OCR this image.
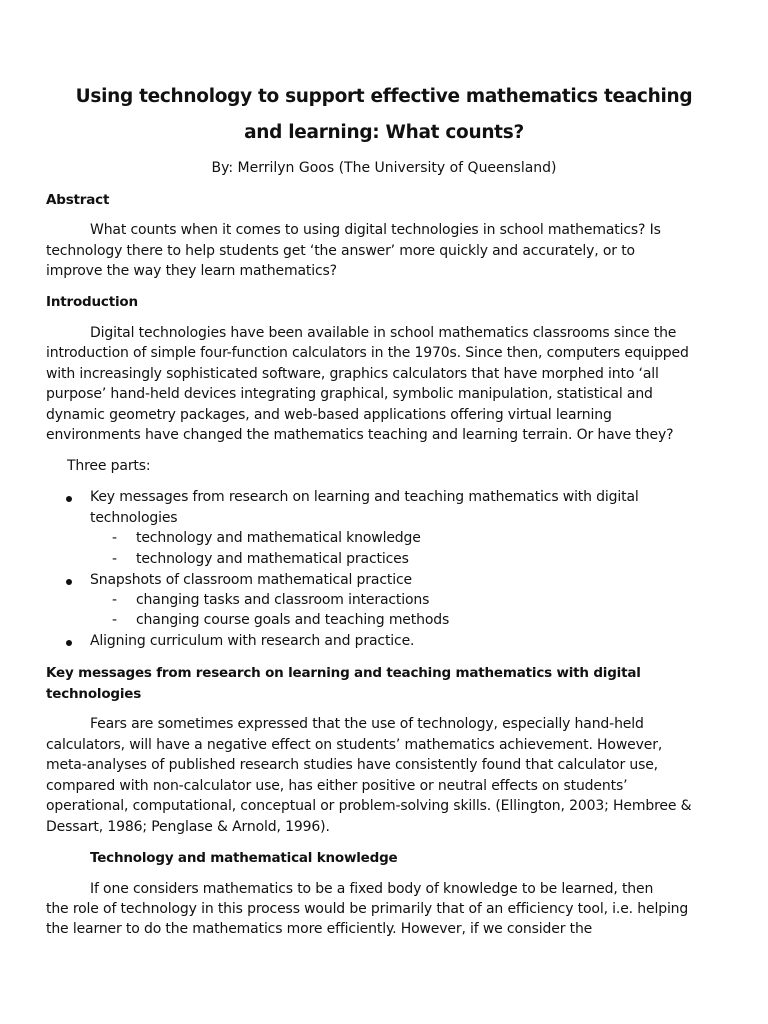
Using technology to support effective mathematics teaching
and learning: What counts?
By: Merrilyn Goos (The University of Queensland)
Abstract
What counts when it comes to using digital technologies in school mathematics? Is
technology there to help students get ‘the answer’ more quickly and accurately, or to
improve the way they learn mathematics?
Introduction
Digital technologies have been available in school mathematics classrooms since the
introduction of simple four-function calculators in the 1970s. Since then, computers equipped
with increasingly sophisticated software, graphics calculators that have morphed into ‘all
purpose’ hand-held devices integrating graphical, symbolic manipulation, statistical and
dynamic geometry packages, and web-based applications offering virtual learning
environments have changed the mathematics teaching and learning terrain. Or have they?
Three parts:
Key messages from research on learning and teaching mathematics with digital
technologies
- technology and mathematical knowledge
- technology and mathematical practices
Snapshots of classroom mathematical practice
- changing tasks and classroom interactions
- changing course goals and teaching methods
Aligning curriculum with research and practice.
Key messages from research on learning and teaching mathematics with digital
technologies
Fears are sometimes expressed that the use of technology, especially hand-held
calculators, will have a negative effect on students’ mathematics achievement. However,
meta-analyses of published research studies have consistently found that calculator use,
compared with non-calculator use, has either positive or neutral effects on students’
operational, computational, conceptual or problem-solving skills. (Ellington, 2003; Hembree &
Dessart, 1986; Penglase & Arnold, 1996).
Technology and mathematical knowledge
If one considers mathematics to be a fixed body of knowledge to be learned, then
the role of technology in this process would be primarily that of an efficiency tool, i.e. helping
the learner to do the mathematics more efficiently. However, if we consider the
